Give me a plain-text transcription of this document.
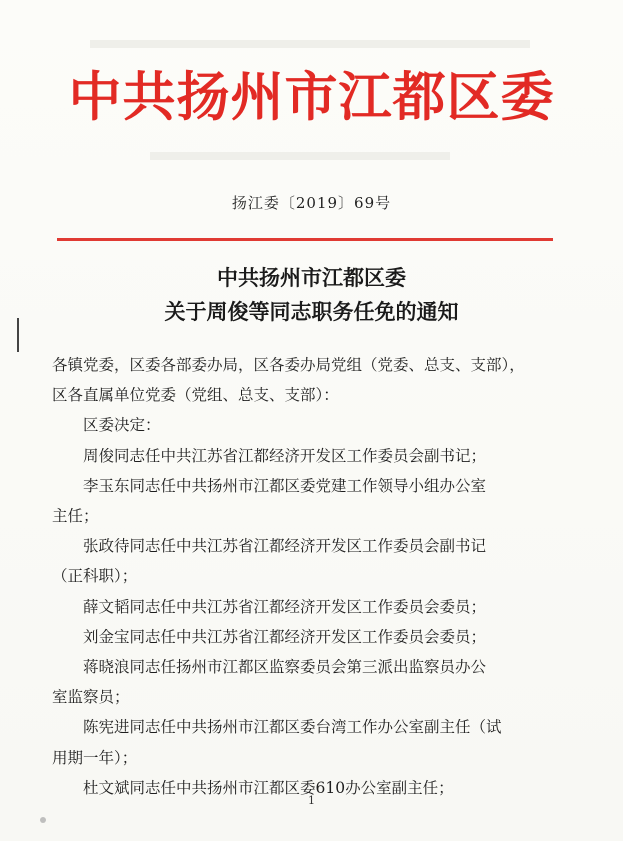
中共扬州市江都区委
扬江委〔2019〕69号
中共扬州市江都区委
关于周俊等同志职务任免的通知

各镇党委，区委各部委办局，区各委办局党组（党委、总支、支部），

区各直属单位党委（党组、总支、支部）：

区委决定：

周俊同志任中共江苏省江都经济开发区工作委员会副书记；

李玉东同志任中共扬州市江都区委党建工作领导小组办公室

主任；

张政待同志任中共江苏省江都经济开发区工作委员会副书记

（正科职）；

薛文韬同志任中共江苏省江都经济开发区工作委员会委员；

刘金宝同志任中共江苏省江都经济开发区工作委员会委员；

蒋晓浪同志任扬州市江都区监察委员会第三派出监察员办公

室监察员；

陈宪进同志任中共扬州市江都区委台湾工作办公室副主任（试

用期一年）；

杜文斌同志任中共扬州市江都区委610办公室副主任；

1
